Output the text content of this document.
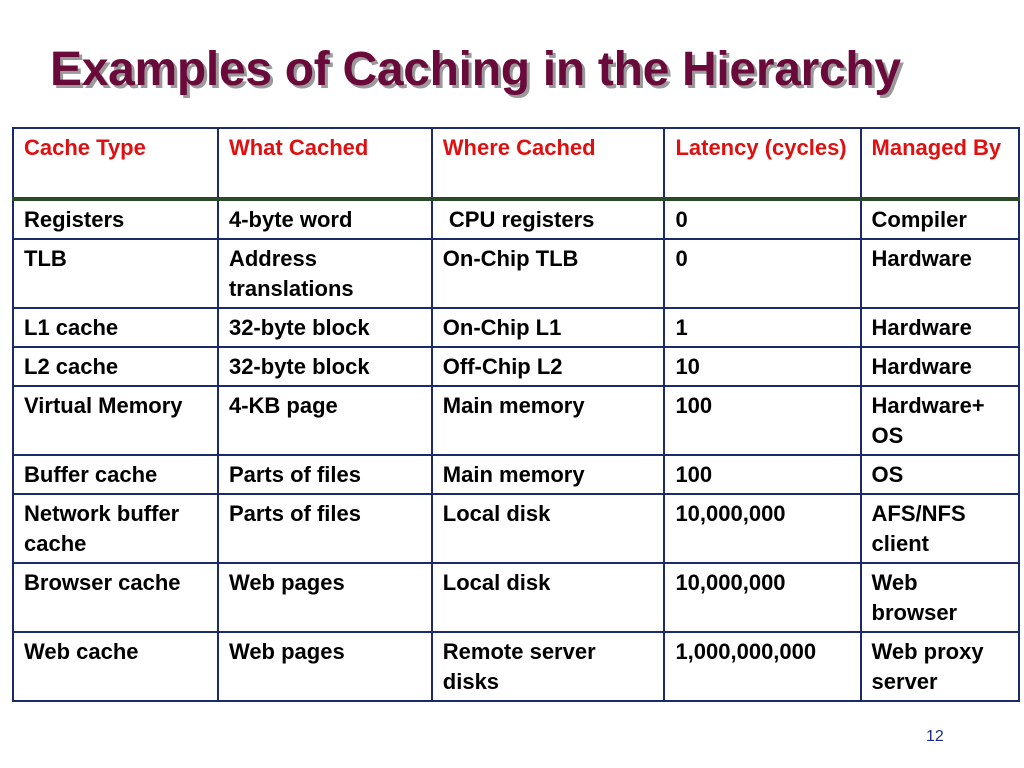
Examples of Caching in the Hierarchy
Cache Type	What Cached	Where Cached	Latency (cycles)	Managed By
Registers	4-byte word	CPU registers	0	Compiler
TLB	Address translations	On-Chip TLB	0	Hardware
L1 cache	32-byte block	On-Chip L1	1	Hardware
L2 cache	32-byte block	Off-Chip L2	10	Hardware
Virtual Memory	4-KB page	Main memory	100	Hardware+ OS
Buffer cache	Parts of files	Main memory	100	OS
Network buffer cache	Parts of files	Local disk	10,000,000	AFS/NFS client
Browser cache	Web pages	Local disk	10,000,000	Web browser
Web cache	Web pages	Remote server disks	1,000,000,000	Web proxy server
12
